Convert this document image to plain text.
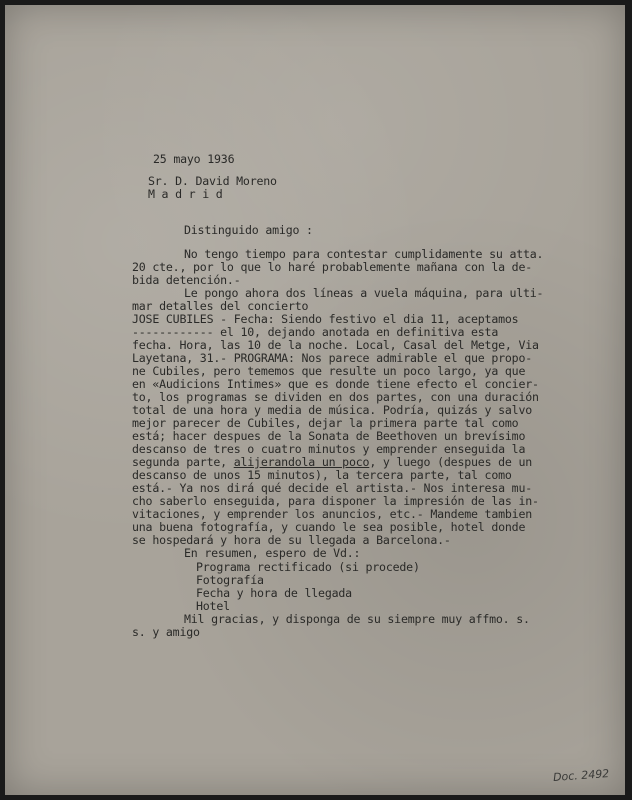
25 mayo 1936
Sr. D. David Moreno
M a d r i d
Distinguido amigo :
No tengo tiempo para contestar cumplidamente su atta.
20 cte., por lo que lo haré probablemente mañana con la de-
bida detención.-
Le pongo ahora dos líneas a vuela máquina, para ulti-
mar detalles del concierto
JOSE CUBILES - Fecha: Siendo festivo el dia 11, aceptamos
------------ el 10, dejando anotada en definitiva esta
fecha. Hora, las 10 de la noche. Local, Casal del Metge, Via
Layetana, 31.- PROGRAMA: Nos parece admirable el que propo-
ne Cubiles, pero tememos que resulte un poco largo, ya que
en «Audicions Intimes» que es donde tiene efecto el concier-
to, los programas se dividen en dos partes, con una duración
total de una hora y media de música. Podría, quizás y salvo
mejor parecer de Cubiles, dejar la primera parte tal como
está; hacer despues de la Sonata de Beethoven un brevísimo
descanso de tres o cuatro minutos y emprender enseguida la
segunda parte, alijerandola un poco, y luego (despues de un
descanso de unos 15 minutos), la tercera parte, tal como
está.- Ya nos dirá qué decide el artista.- Nos interesa mu-
cho saberlo enseguida, para disponer la impresión de las in-
vitaciones, y emprender los anuncios, etc.- Mandeme tambien
una buena fotografía, y cuando le sea posible, hotel donde
se hospedará y hora de su llegada a Barcelona.-
En resumen, espero de Vd.:
Programa rectificado (si procede)
Fotografía
Fecha y hora de llegada
Hotel
Mil gracias, y disponga de su siempre muy affmo. s.
s. y amigo
Doc. 2492
